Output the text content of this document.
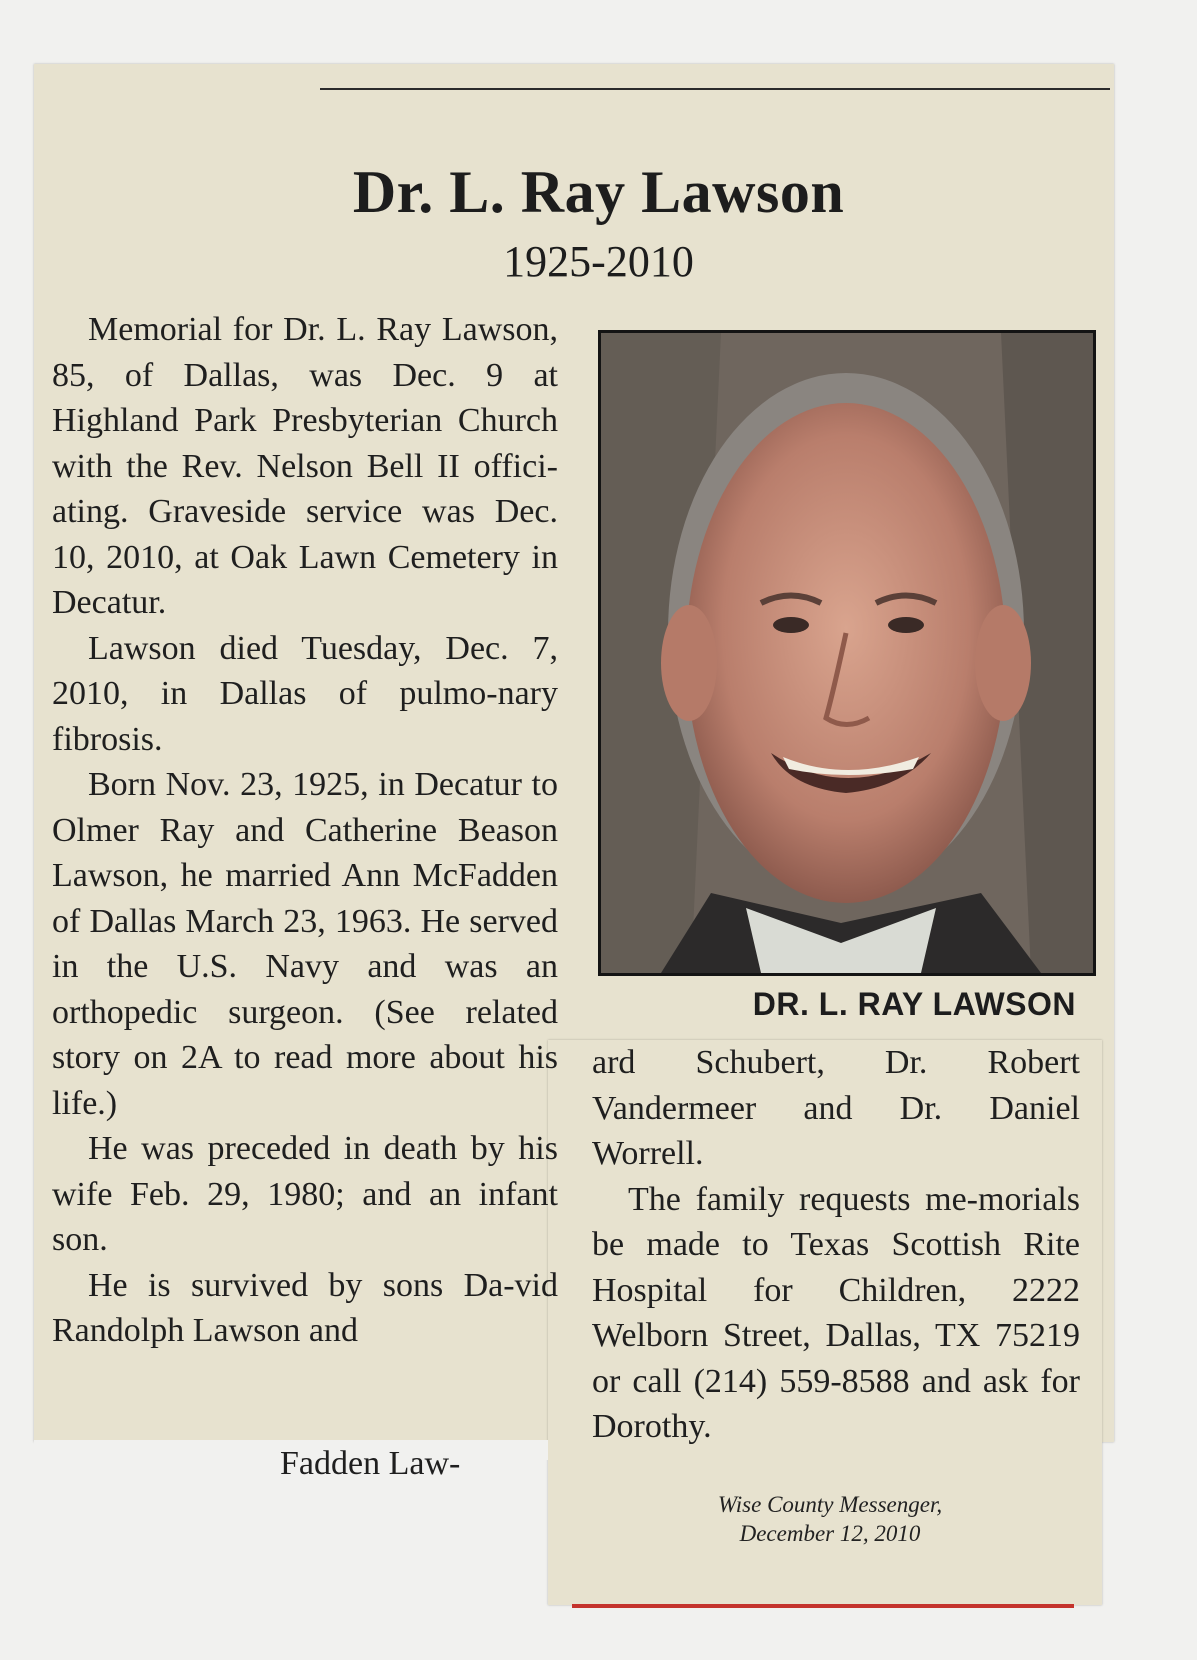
Dr. L. Ray Lawson
1925-2010

Memorial for Dr. L. Ray Lawson, 85, of Dallas, was Dec. 9 at Highland Park Presbyterian Church with the Rev. Nelson Bell II offici-ating. Graveside service was Dec. 10, 2010, at Oak Lawn Cemetery in Decatur.

Lawson died Tuesday, Dec. 7, 2010, in Dallas of pulmo-nary fibrosis.

Born Nov. 23, 1925, in Decatur to Olmer Ray and Catherine Beason Lawson, he married Ann McFadden of Dallas March 23, 1963. He served in the U.S. Navy and was an orthopedic surgeon. (See related story on 2A to read more about his life.)

He was preceded in death by his wife Feb. 29, 1980; and an infant son.

He is survived by sons Da-vid Randolph Lawson and

Fadden Law-
DR. L. RAY LAWSON

ard Schubert, Dr. Robert Vandermeer and Dr. Daniel Worrell.

The family requests me-morials be made to Texas Scottish Rite Hospital for Children, 2222 Welborn Street, Dallas, TX 75219 or call (214) 559-8588 and ask for Dorothy.

Wise County Messenger,
December 12, 2010
